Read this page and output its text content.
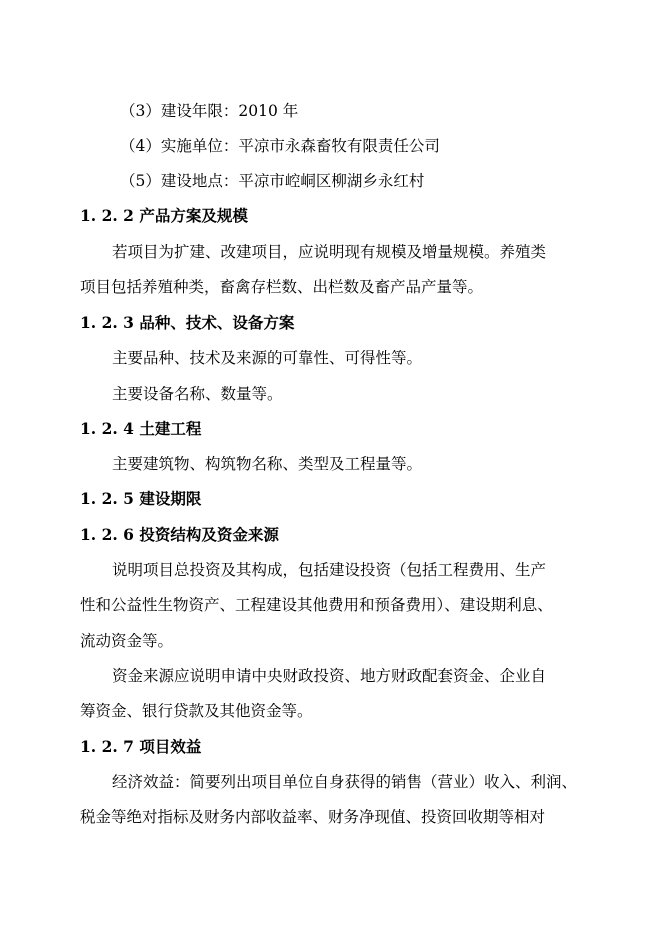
（3）建设年限：2010 年
（4）实施单位：平凉市永森畜牧有限责任公司
（5）建设地点：平凉市崆峒区柳湖乡永红村
1. 2. 2 产品方案及规模
若项目为扩建、改建项目，应说明现有规模及增量规模。养殖类
项目包括养殖种类，畜禽存栏数、出栏数及畜产品产量等。
1. 2. 3 品种、技术、设备方案
主要品种、技术及来源的可靠性、可得性等。
主要设备名称、数量等。
1. 2. 4 土建工程
主要建筑物、构筑物名称、类型及工程量等。
1. 2. 5 建设期限
1. 2. 6 投资结构及资金来源
说明项目总投资及其构成，包括建设投资（包括工程费用、生产
性和公益性生物资产、工程建设其他费用和预备费用）、建设期利息、
流动资金等。
资金来源应说明申请中央财政投资、地方财政配套资金、企业自
筹资金、银行贷款及其他资金等。
1. 2. 7 项目效益
经济效益：简要列出项目单位自身获得的销售（营业）收入、利润、
税金等绝对指标及财务内部收益率、财务净现值、投资回收期等相对
